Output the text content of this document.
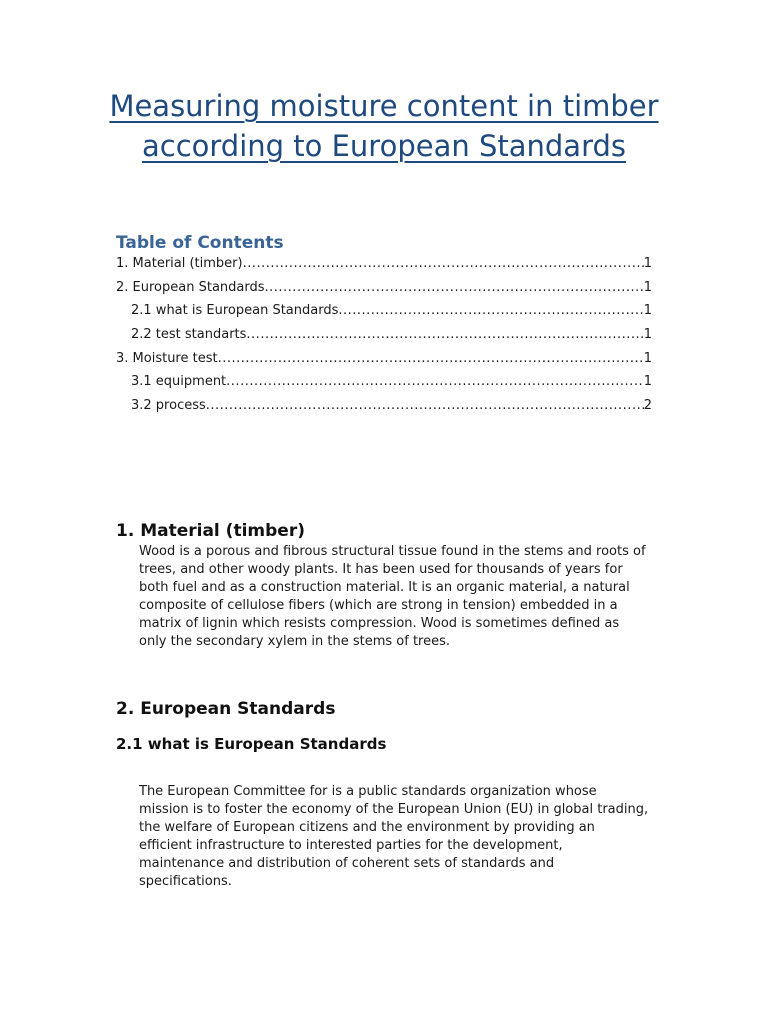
Measuring moisture content in timber according to European Standards
Table of Contents
1. Material (timber) .....	1
2. European Standards .....	1
2.1 what is European Standards .....	1
2.2 test standarts .....	1
3. Moisture test .....	1
3.1 equipment .....	1
3.2 process .....	2
1. Material (timber)

Wood is a porous and fibrous structural tissue found in the stems and roots of trees, and other woody plants. It has been used for thousands of years for both fuel and as a construction material. It is an organic material, a natural composite of cellulose fibers (which are strong in tension) embedded in a matrix of lignin which resists compression. Wood is sometimes defined as only the secondary xylem in the stems of trees.

2. European Standards
2.1 what is European Standards

The European Committee for is a public standards organization whose mission is to foster the economy of the European Union (EU) in global trading, the welfare of European citizens and the environment by providing an efficient infrastructure to interested parties for the development, maintenance and distribution of coherent sets of standards and specifications.
